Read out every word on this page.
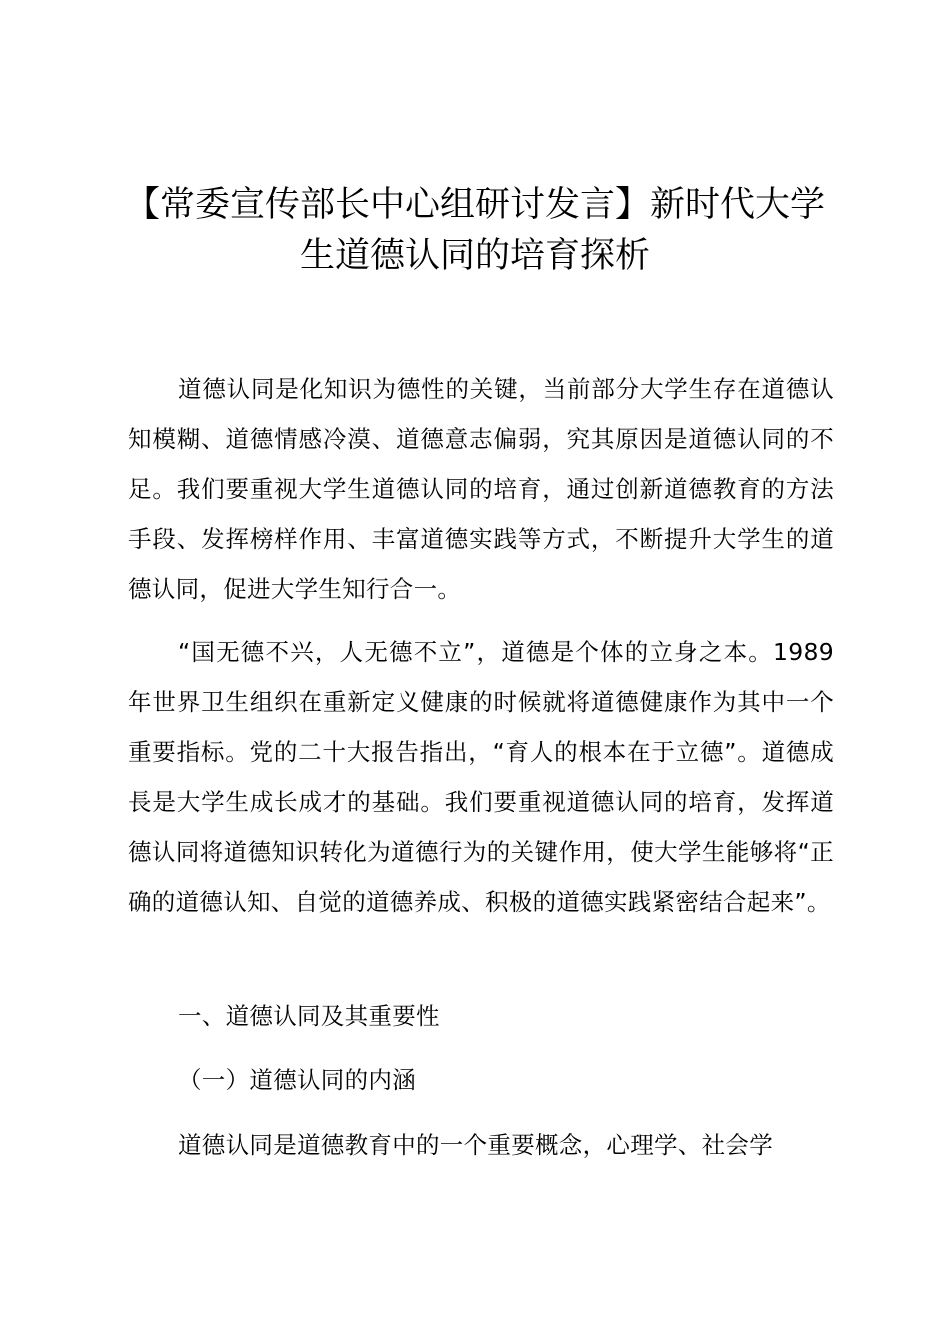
【常委宣传部长中心组研讨发言】新时代大学生道德认同的培育探析

道德认同是化知识为德性的关键，当前部分大学生存在道德认知模糊、道德情感冷漠、道德意志偏弱，究其原因是道德认同的不足。我们要重视大学生道德认同的培育，通过创新道德教育的方法手段、发挥榜样作用、丰富道德实践等方式，不断提升大学生的道德认同，促进大学生知行合一。

“国无德不兴，人无德不立”，道德是个体的立身之本。1989 年世界卫生组织在重新定义健康的时候就将道德健康作为其中一个重要指标。党的二十大报告指出，“育人的根本在于立德”。道德成長是大学生成长成才的基础。我们要重视道德认同的培育，发挥道德认同将道德知识转化为道德行为的关键作用，使大学生能够将“正确的道德认知、自觉的道德养成、积极的道德实践紧密结合起来”。

一、道德认同及其重要性

（一）道德认同的内涵

道德认同是道德教育中的一个重要概念，心理学、社会学
